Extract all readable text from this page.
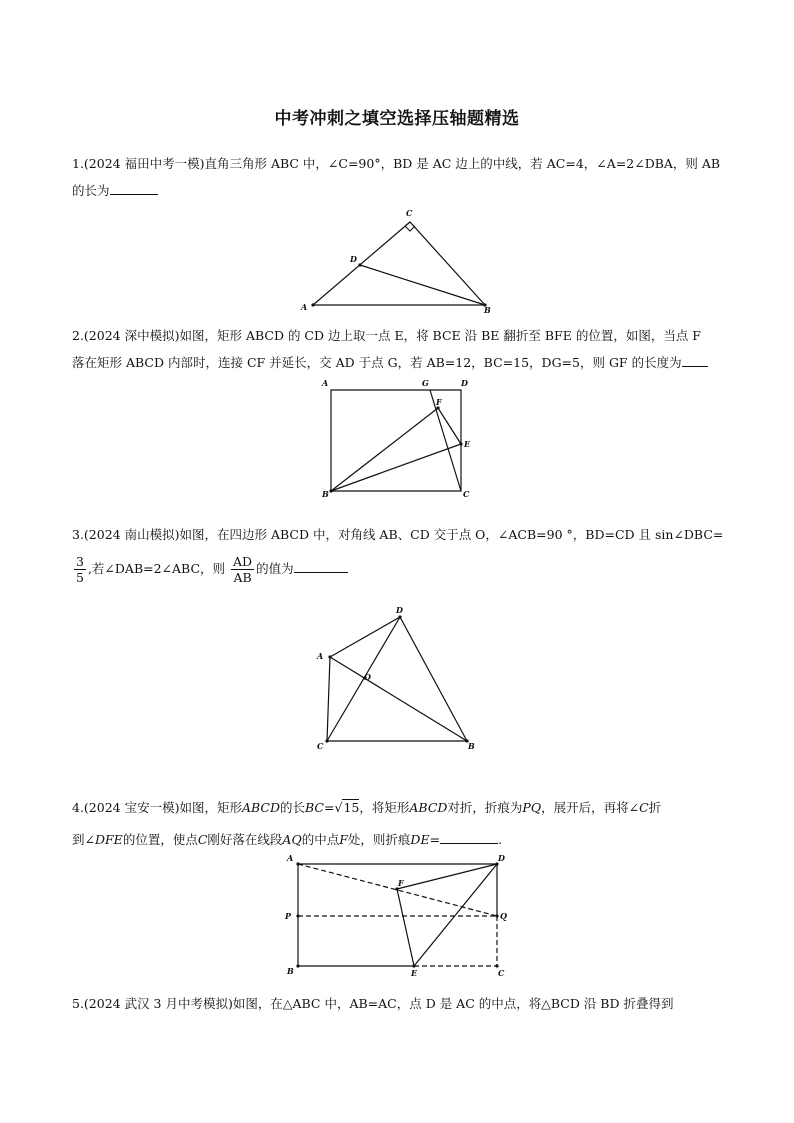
中考冲刺之填空选择压轴题精选
1.(2024 福田中考一模)直角三角形 ABC 中，∠C=90°，BD 是 AC 边上的中线，若 AC=4，∠A=2∠DBA，则 AB
的长为
A	B
C
D
2.(2024 深中模拟)如图，矩形 ABCD 的 CD 边上取一点 E，将 BCE 沿 BE 翻折至 BFE 的位置，如图，当点 F
落在矩形 ABCD 内部时，连接 CF 并延长，交 AD 于点 G，若 AB=12，BC=15，DG=5，则 GF 的长度为
A
B	C
D
E
F
G
3.(2024 南山模拟)如图，在四边形 ABCD 中，对角线 AB、CD 交于点 O，∠ACB=90 °，BD=CD 且 sin∠DBC=
$\frac{3}{5}$ ,若∠DAB=2∠ABC，则 $\frac{AD}{AB}$ 的值为
A
B
C
D
O
4.(2024 宝安一模)如图，矩形ABCD的长BC=√15，将矩形ABCD对折，折痕为PQ，展开后，再将∠C折
到∠DFE的位置，使点C刚好落在线段AQ的中点F处，则折痕DE=	.
A	D
B	C
P	Q
F
E
5.(2024 武汉 3 月中考模拟)如图，在△ABC 中，AB=AC，点 D 是 AC 的中点，将△BCD 沿 BD 折叠得到
